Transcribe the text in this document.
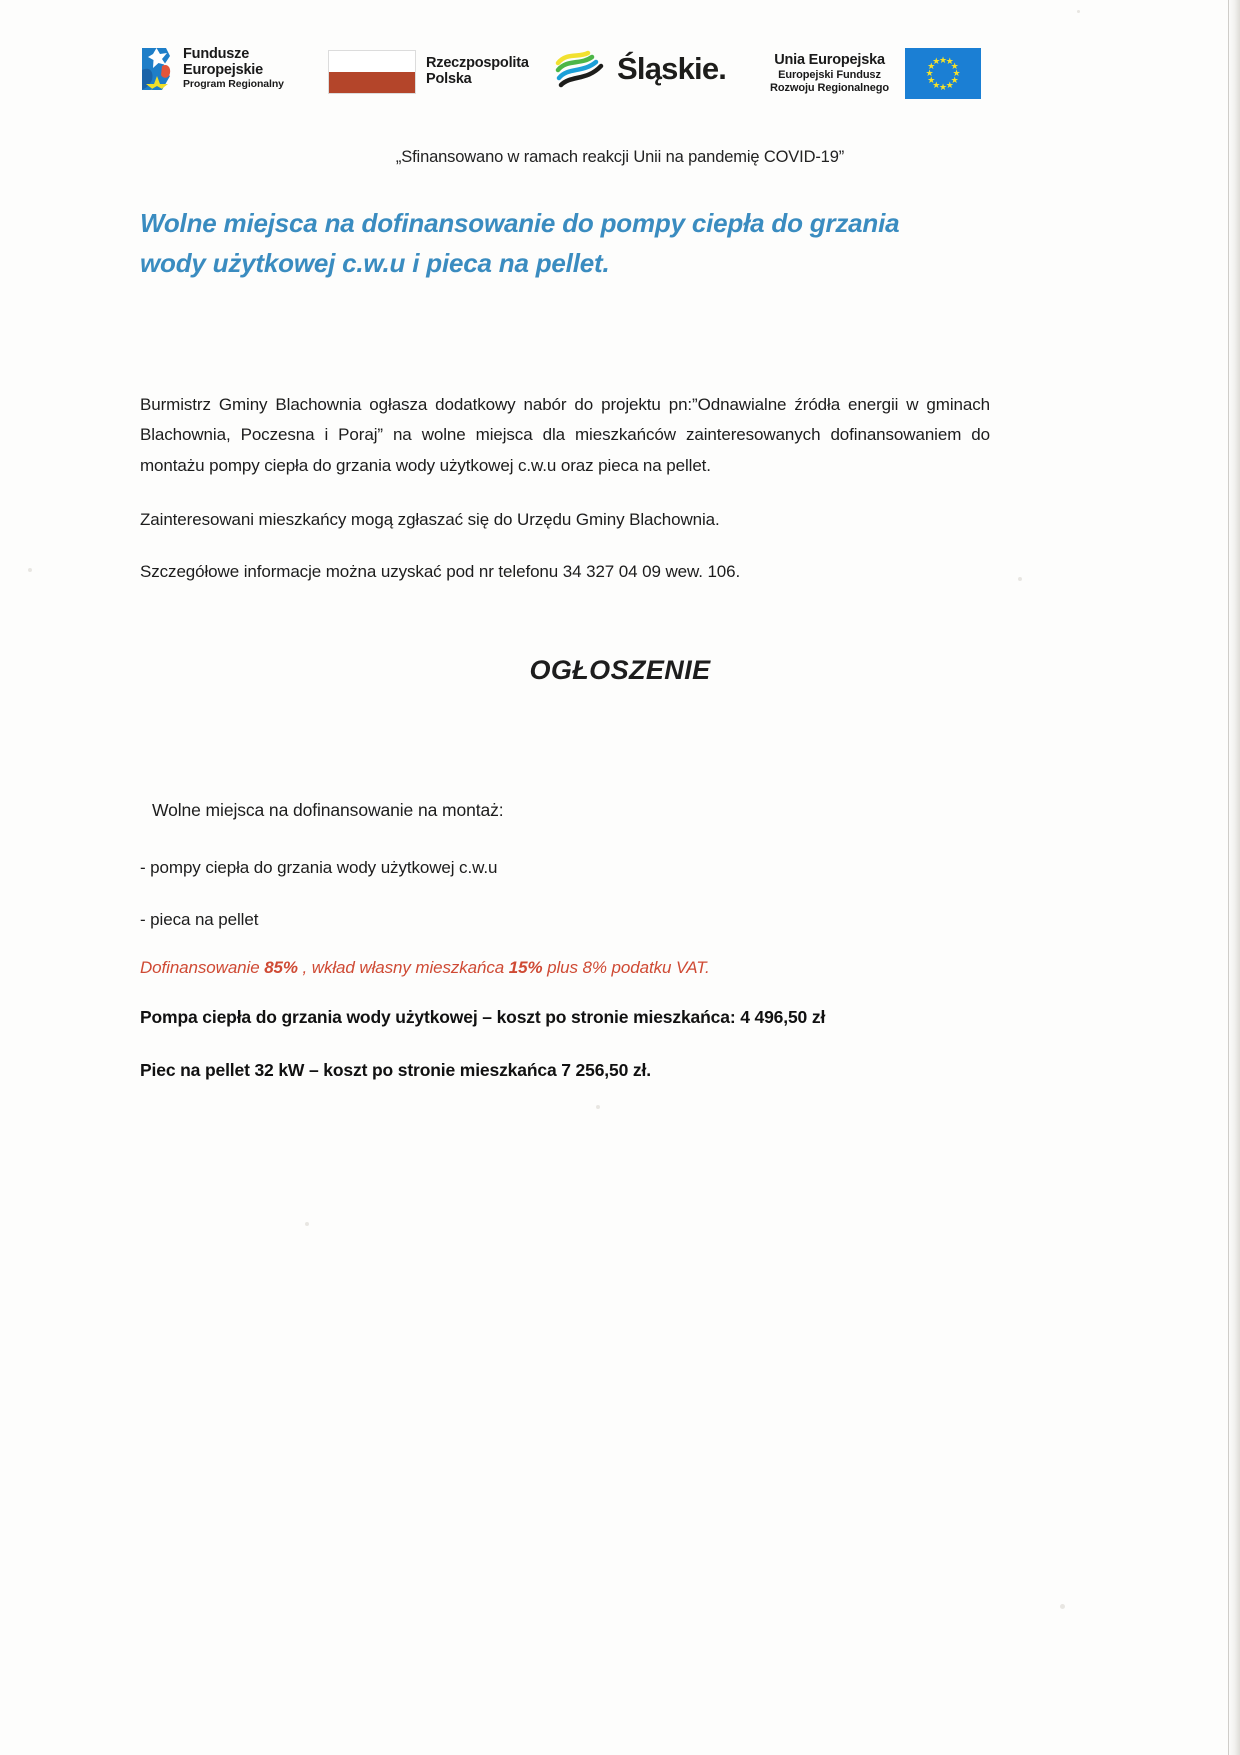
Fundusze
Europejskie
Program Regionalny
Rzeczpospolita
Polska	Śląskie.	Unia Europejska
Europejski Fundusz
Rozwoju Regionalnego
★
★
★
★
★
★
★
★
★
★
★
★
„Sfinansowano w ramach reakcji Unii na pandemię COVID-19”
Wolne miejsca na dofinansowanie do pompy ciepła do grzania
wody użytkowej c.w.u i pieca na pellet.
Burmistrz Gminy Blachownia ogłasza dodatkowy nabór do projektu pn:”Odnawialne źródła energii w gminach Blachownia, Poczesna i Poraj” na wolne miejsca dla mieszkańców zainteresowanych dofinansowaniem do montażu pompy ciepła do grzania wody użytkowej c.w.u oraz pieca na pellet.
Zainteresowani mieszkańcy mogą zgłaszać się do Urzędu Gminy Blachownia.
Szczegółowe informacje można uzyskać pod nr telefonu 34 327 04 09 wew. 106.
OGŁOSZENIE
Wolne miejsca na dofinansowanie na montaż:
- pompy ciepła do grzania wody użytkowej c.w.u
- pieca na pellet
Dofinansowanie 85% , wkład własny mieszkańca 15% plus 8% podatku VAT.
Pompa ciepła do grzania wody użytkowej – koszt po stronie mieszkańca: 4 496,50 zł
Piec na pellet 32 kW – koszt po stronie mieszkańca 7 256,50 zł.
